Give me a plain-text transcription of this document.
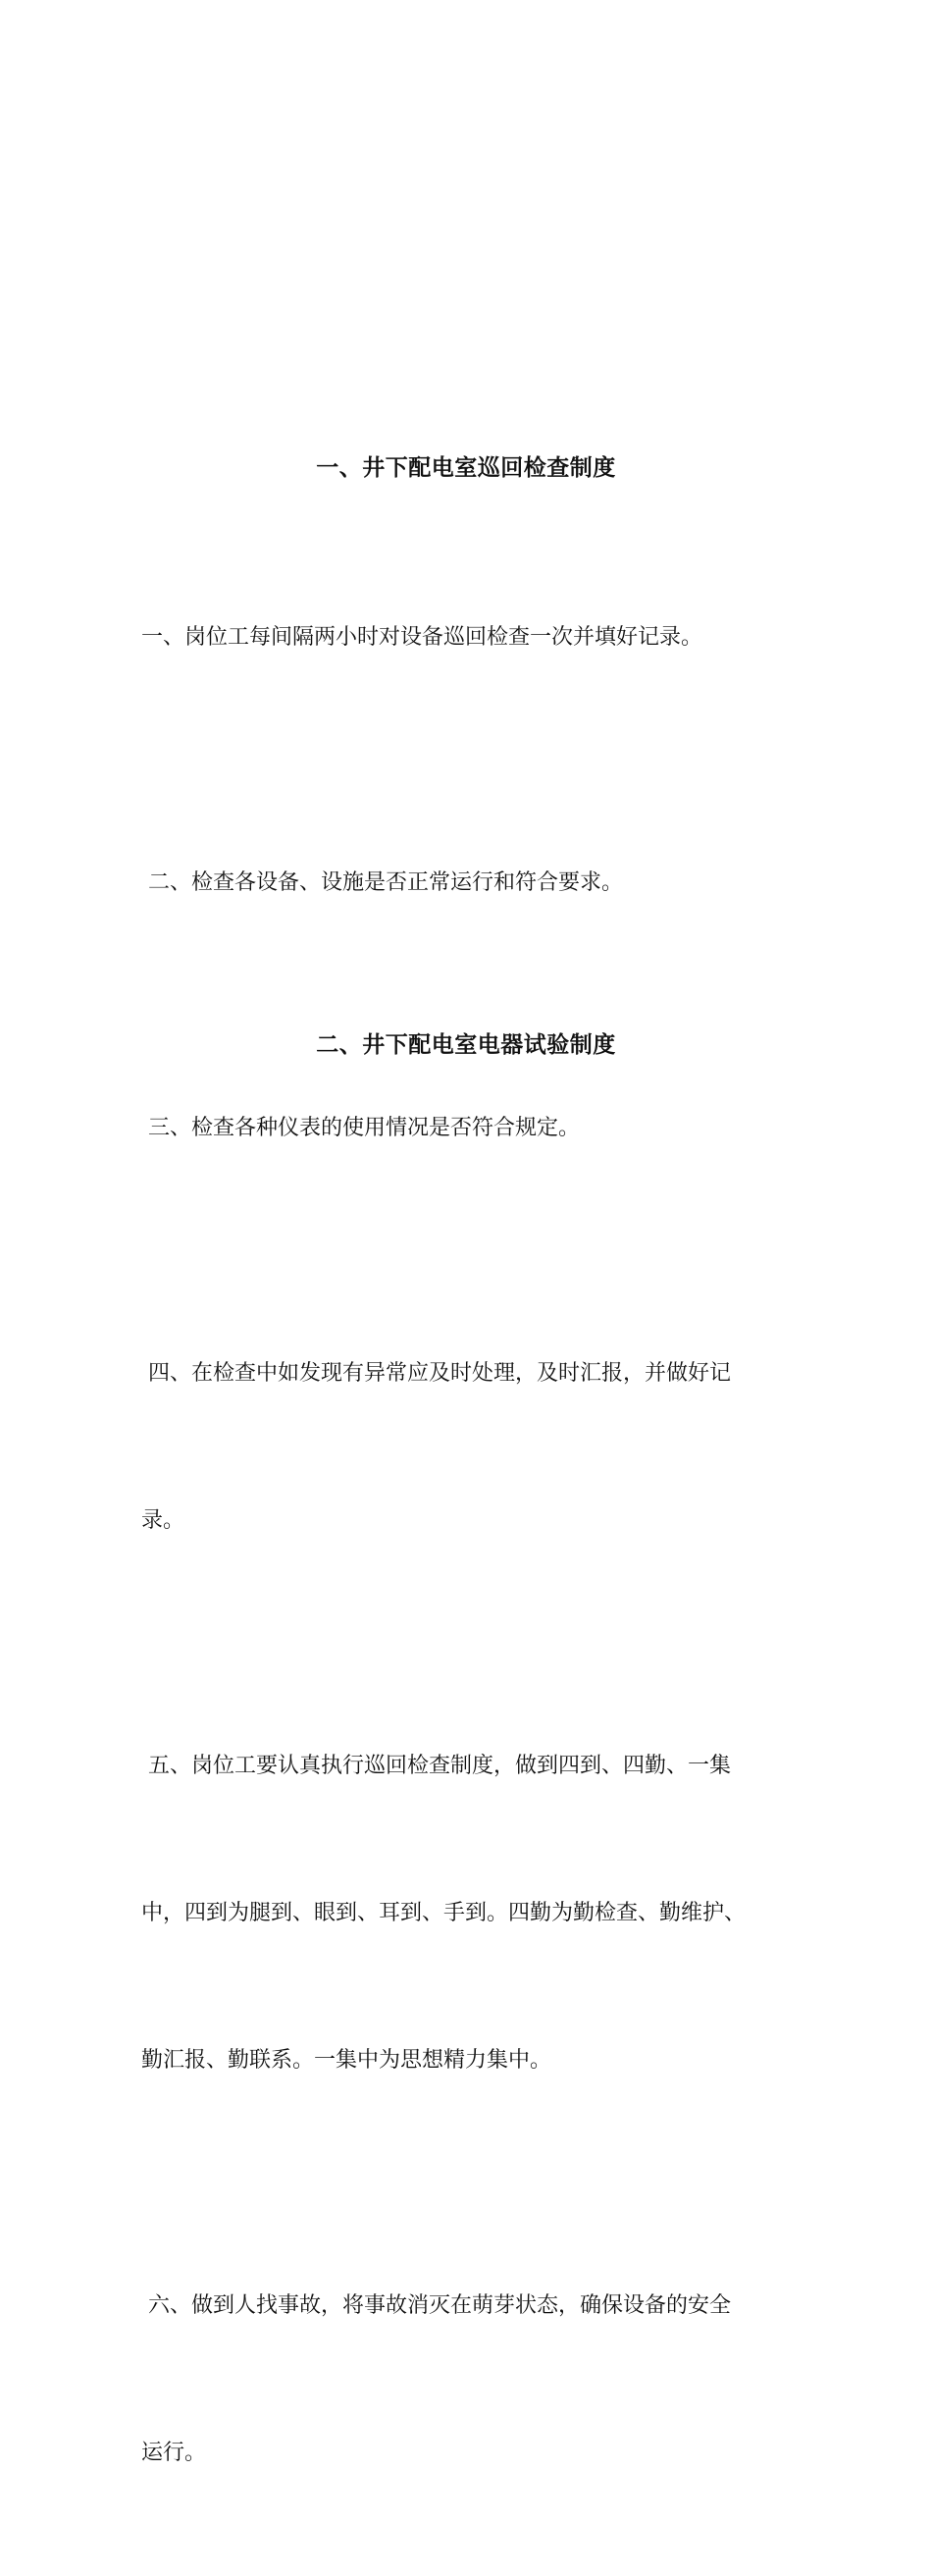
一、井下配电室巡回检查制度

一、岗位工每间隔两小时对设备巡回检查一次并填好记录。

二、检查各设备、设施是否正常运行和符合要求。

三、检查各种仪表的使用情况是否符合规定。

四、在检查中如发现有异常应及时处理，及时汇报，并做好记

录。

五、岗位工要认真执行巡回检查制度，做到四到、四勤、一集

中，四到为腿到、眼到、耳到、手到。四勤为勤检查、勤维护、

勤汇报、勤联系。一集中为思想精力集中。

六、做到人找事故，将事故消灭在萌芽状态，确保设备的安全

运行。

二、井下配电室电器试验制度
